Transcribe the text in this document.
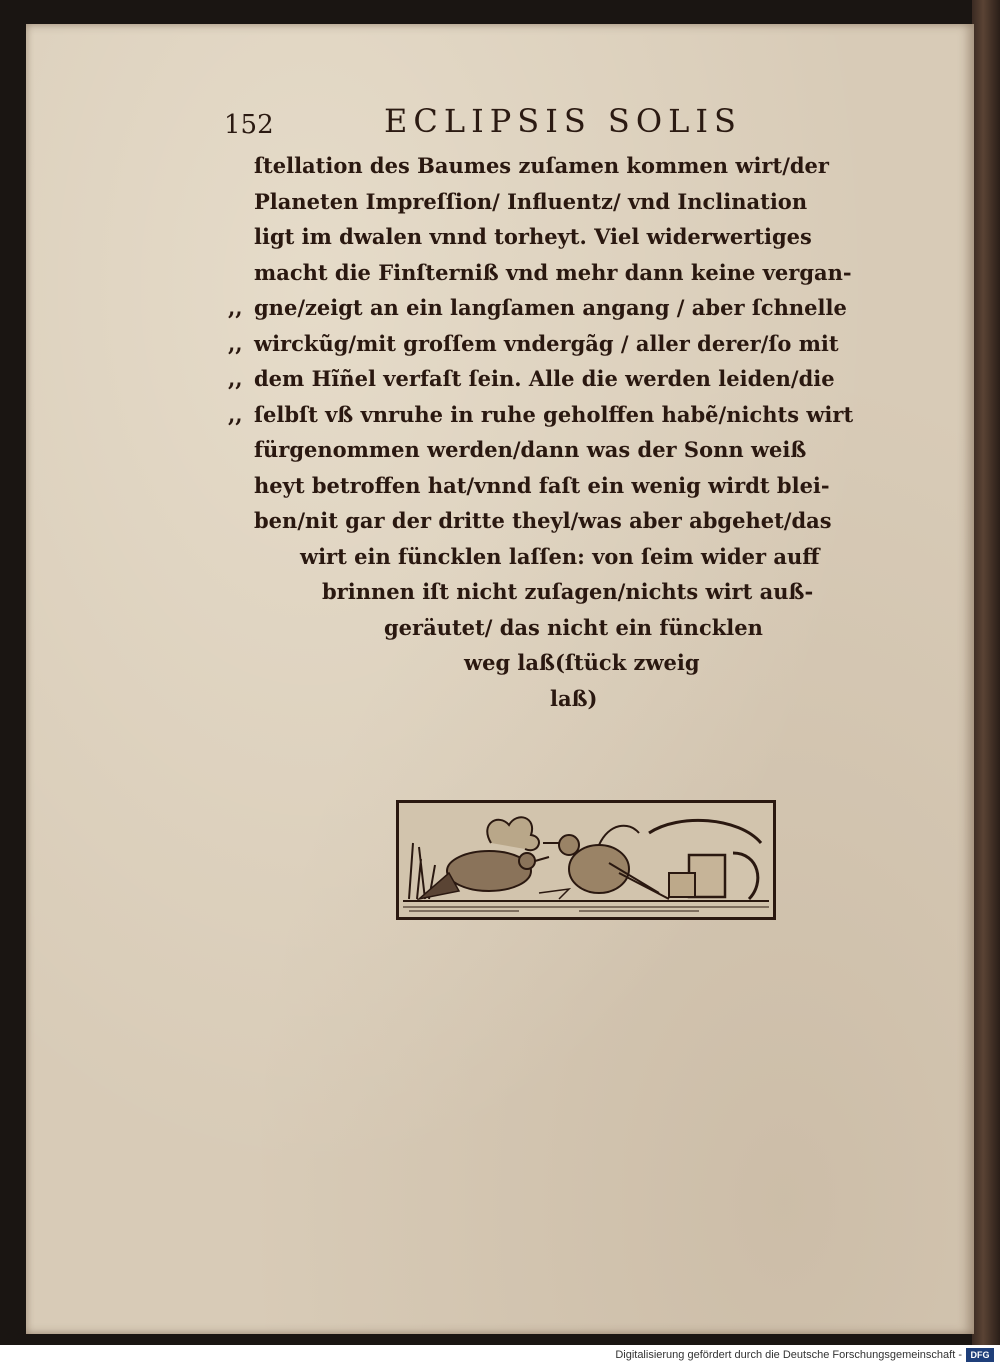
152	ECLIPSIS SOLIS
ſtellation des Baumes zuſamen kommen wirt/der
Planeten Impreſſion/ Influentz/ vnd Inclination
ligt im dwalen vnnd torheyt. Viel widerwertiges
macht die Finſterniß vnd mehr dann keine vergan-
,, gne/zeigt an ein langſamen angang / aber ſchnelle
,, wirckũg/mit groſſem vndergãg / aller derer/ſo mit
,, dem Hĩñel verfaſt ſein. Alle die werden leiden/die
,, ſelbſt vß vnruhe in ruhe geholffen habẽ/nichts wirt
fürgenommen werden/dann was der Sonn weiß
heyt betroffen hat/vnnd faſt ein wenig wirdt blei-
ben/nit gar der dritte theyl/was aber abgehet/das
wirt ein füncklen laſſen: von ſeim wider auff
brinnen iſt nicht zuſagen/nichts wirt auß-
geräutet/ das nicht ein füncklen
weg laß(ſtück zweig
laß)
Digitalisierung gefördert durch die Deutsche Forschungsgemeinschaft - DFG
